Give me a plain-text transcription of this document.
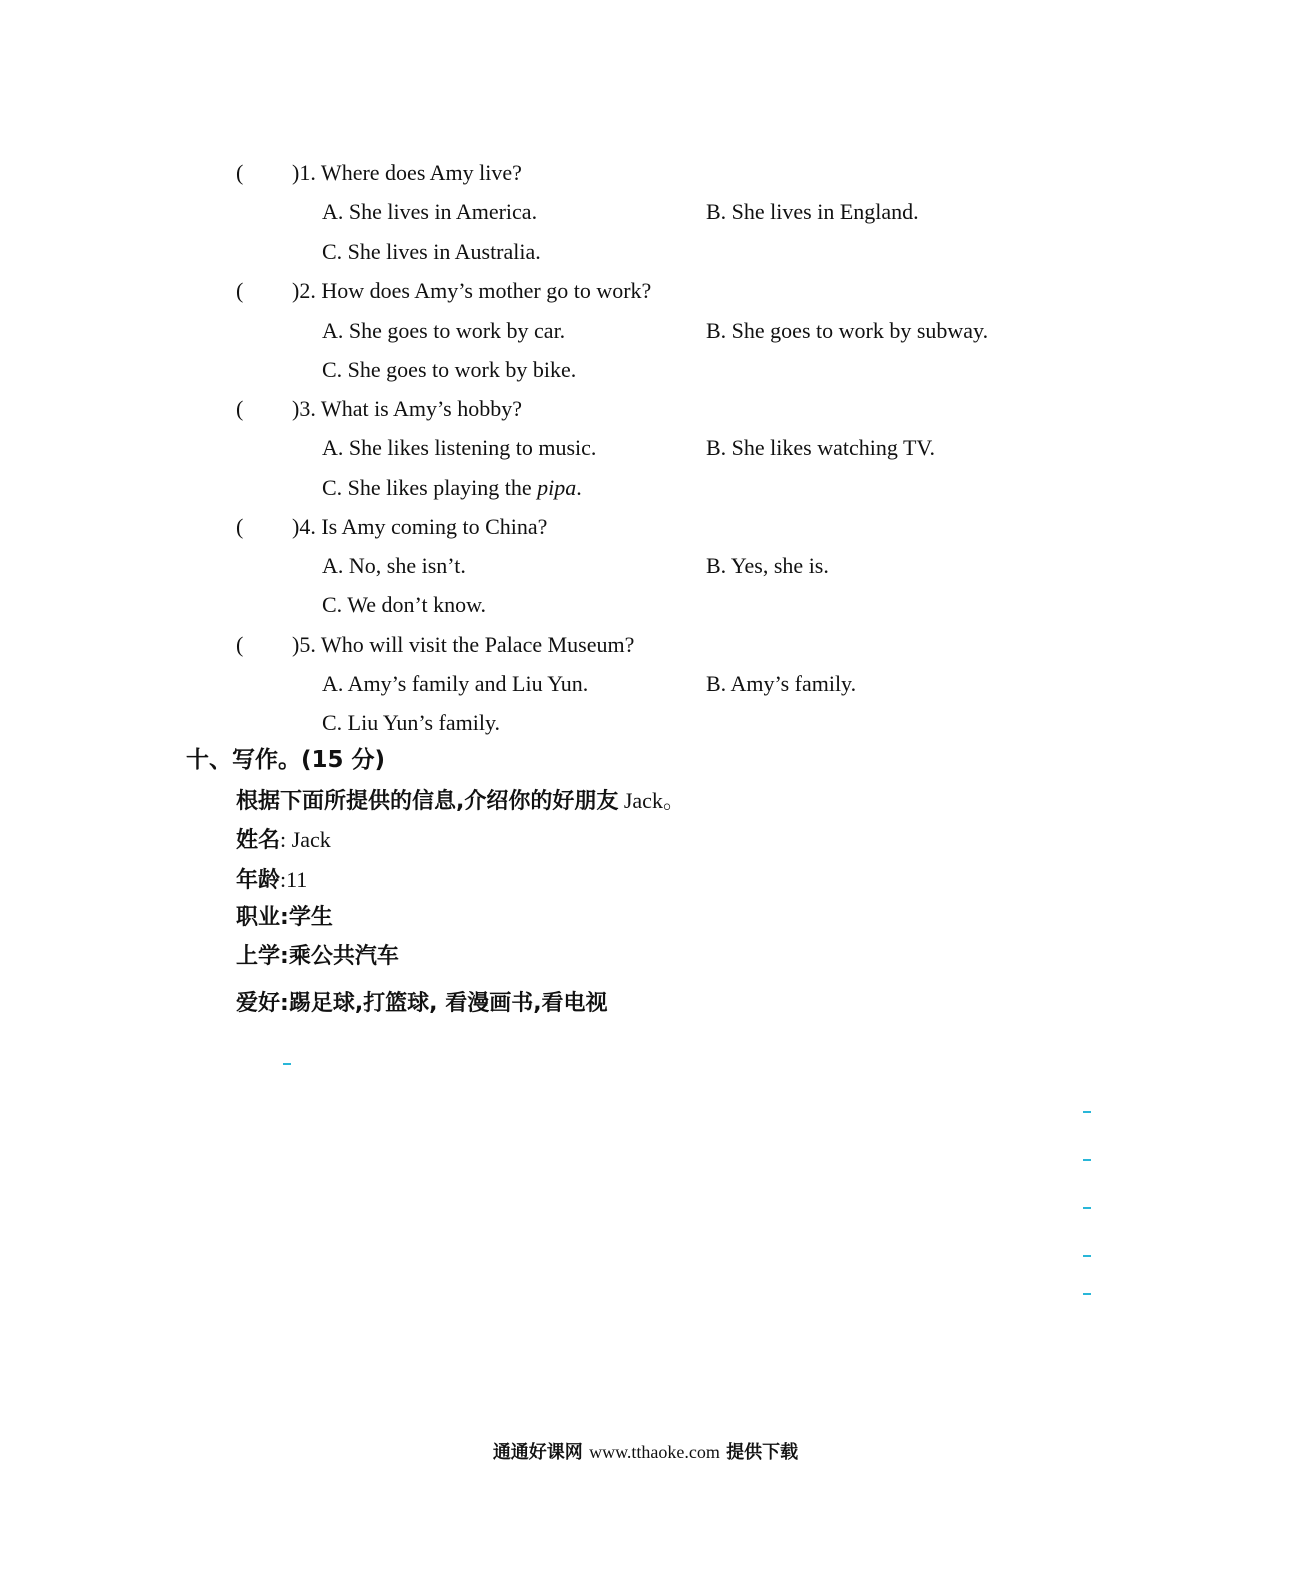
( )1. Where does Amy live?
A. She lives in America.	B. She lives in England.
C. She lives in Australia.
( )2. How does Amy’s mother go to work?
A. She goes to work by car.	B. She goes to work by subway.
C. She goes to work by bike.
( )3. What is Amy’s hobby?
A. She likes listening to music.	B. She likes watching TV.
C. She likes playing the pipa.
( )4. Is Amy coming to China?
A. No, she isn’t.	B. Yes, she is.
C. We don’t know.
( )5. Who will visit the Palace Museum?
A. Amy’s family and Liu Yun.	B. Amy’s family.
C. Liu Yun’s family.
十、写作。(15 分)
根据下面所提供的信息,介绍你的好朋友 Jack。
姓名: Jack
年龄:11
职业:学生
上学:乘公共汽车
爱好:踢足球,打篮球, 看漫画书,看电视
通通好课网 www.tthaoke.com 提供下载
